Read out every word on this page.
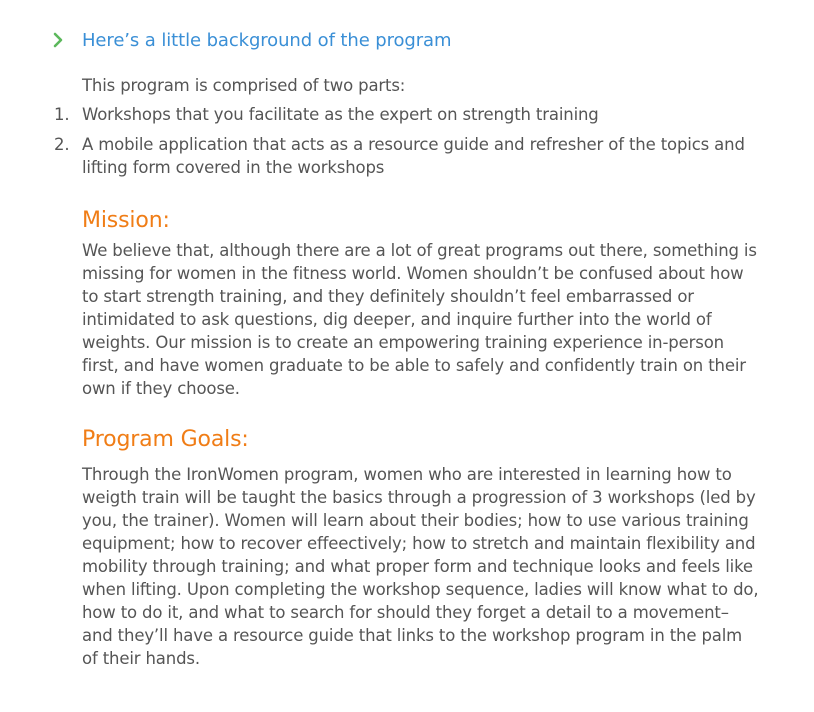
Here’s a little background of the program

This program is comprised of two parts:

1. Workshops that you facilitate as the expert on strength training
2. A mobile application that acts as a resource guide and refresher of the topics and lifting form covered in the workshops
Mission:

We believe that, although there are a lot of great programs out there, something is missing for women in the fitness world. Women shouldn’t be confused about how to start strength training, and they definitely shouldn’t feel embarrassed or intimidated to ask questions, dig deeper, and inquire further into the world of weights. Our mission is to create an empowering training experience in-person first, and have women graduate to be able to safely and confidently train on their own if they choose.

Program Goals:

Through the IronWomen program, women who are interested in learning how to weigth train will be taught the basics through a progression of 3 workshops (led by you, the trainer). Women will learn about their bodies; how to use various training equipment; how to recover effeectively; how to stretch and maintain flexibility and mobility through training; and what proper form and technique looks and feels like when lifting. Upon completing the workshop sequence, ladies will know what to do, how to do it, and what to search for should they forget a detail to a movement– and they’ll have a resource guide that links to the workshop program in the palm of their hands.
